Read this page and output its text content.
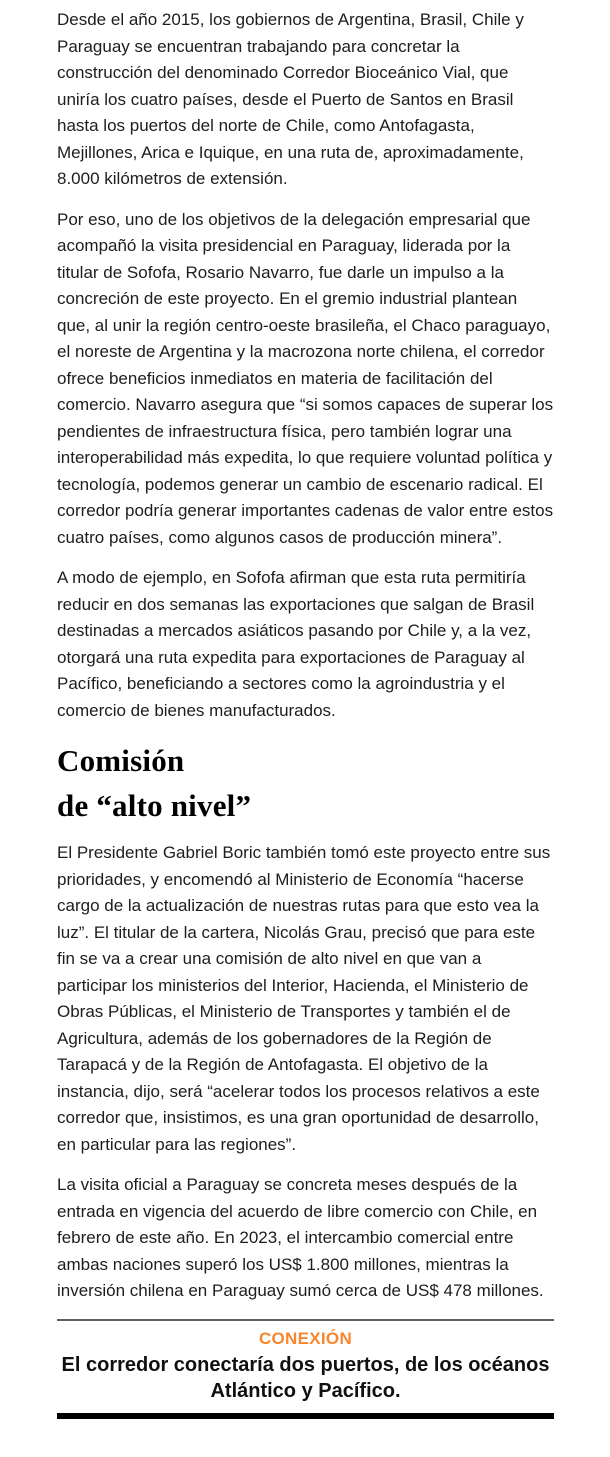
Desde el año 2015, los gobiernos de Argentina, Brasil, Chile y Paraguay se encuentran trabajando para concretar la construcción del denominado Corredor Bioceánico Vial, que uniría los cuatro países, desde el Puerto de Santos en Brasil hasta los puertos del norte de Chile, como Antofagasta, Mejillones, Arica e Iquique, en una ruta de, aproximadamente, 8.000 kilómetros de extensión.

Por eso, uno de los objetivos de la delegación empresarial que acompañó la visita presidencial en Paraguay, liderada por la titular de Sofofa, Rosario Navarro, fue darle un impulso a la concreción de este proyecto. En el gremio industrial plantean que, al unir la región centro-oeste brasileña, el Chaco paraguayo, el noreste de Argentina y la macrozona norte chilena, el corredor ofrece beneficios inmediatos en materia de facilitación del comercio. Navarro asegura que “si somos capaces de superar los pendientes de infraestructura física, pero también lograr una interoperabilidad más expedita, lo que requiere voluntad política y tecnología, podemos generar un cambio de escenario radical. El corredor podría generar importantes cadenas de valor entre estos cuatro países, como algunos casos de producción minera”.

A modo de ejemplo, en Sofofa afirman que esta ruta permitiría reducir en dos semanas las exportaciones que salgan de Brasil destinadas a mercados asiáticos pasando por Chile y, a la vez, otorgará una ruta expedita para exportaciones de Paraguay al Pacífico, beneficiando a sectores como la agroindustria y el comercio de bienes manufacturados.

Comisión
de “alto nivel”

El Presidente Gabriel Boric también tomó este proyecto entre sus prioridades, y encomendó al Ministerio de Economía “hacerse cargo de la actualización de nuestras rutas para que esto vea la luz”. El titular de la cartera, Nicolás Grau, precisó que para este fin se va a crear una comisión de alto nivel en que van a participar los ministerios del Interior, Hacienda, el Ministerio de Obras Públicas, el Ministerio de Transportes y también el de Agricultura, además de los gobernadores de la Región de Tarapacá y de la Región de Antofagasta. El objetivo de la instancia, dijo, será “acelerar todos los procesos relativos a este corredor que, insistimos, es una gran oportunidad de desarrollo, en particular para las regiones”.

La visita oficial a Paraguay se concreta meses después de la entrada en vigencia del acuerdo de libre comercio con Chile, en febrero de este año. En 2023, el intercambio comercial entre ambas naciones superó los US$ 1.800 millones, mientras la inversión chilena en Paraguay sumó cerca de US$ 478 millones.

CONEXIÓN
El corredor conectaría dos puertos, de los océanos Atlántico y Pacífico.
